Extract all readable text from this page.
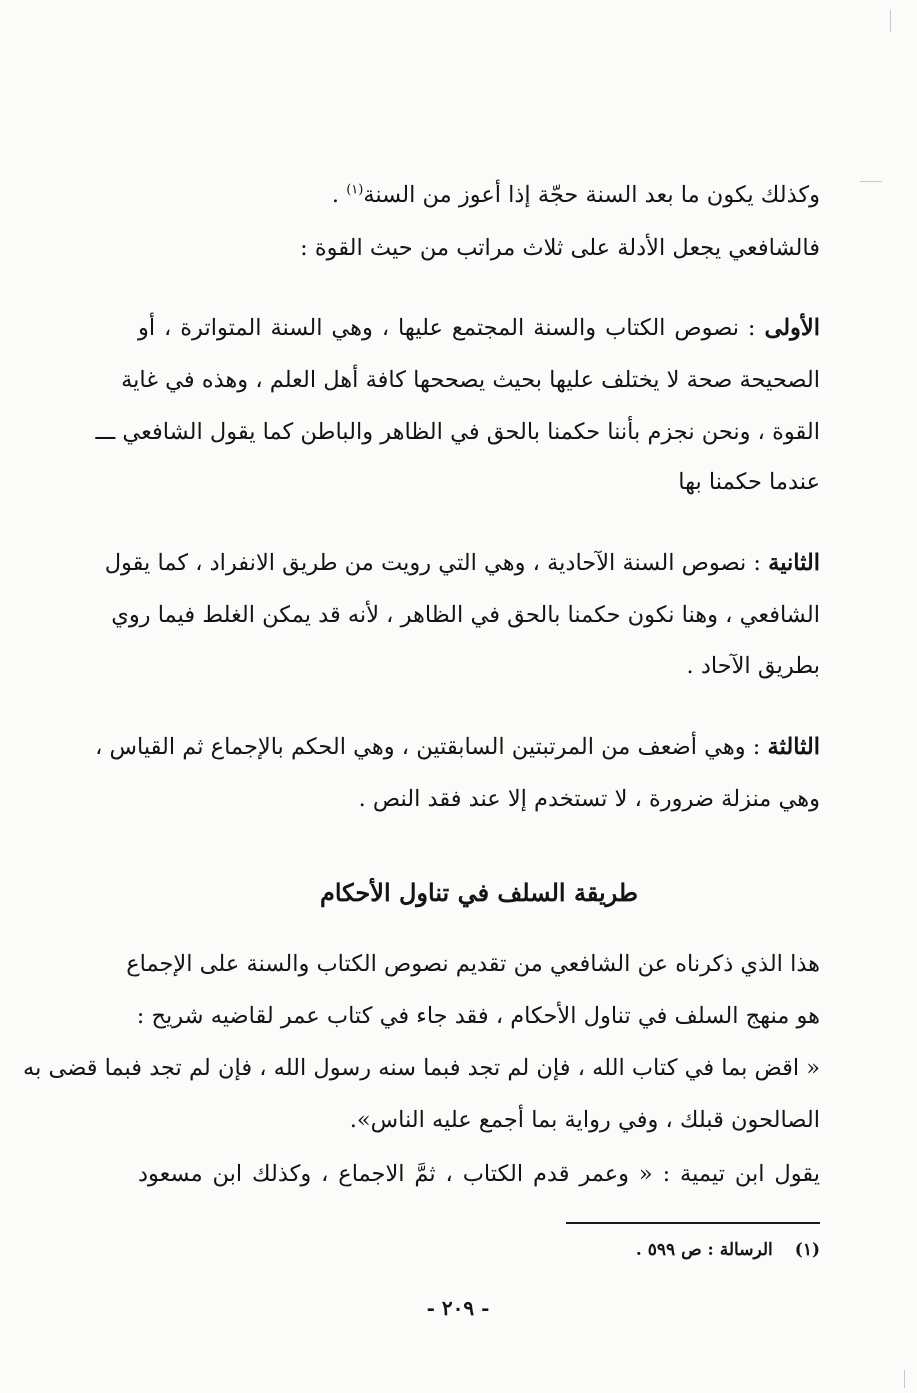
وكذلك يكون ما بعد السنة حجّة إذا أعوز من السنة$^{(١)}$ .
فالشافعي يجعل الأدلة على ثلاث مراتب من حيث القوة :
الأولى : نصوص الكتاب والسنة المجتمع عليها ، وهي السنة المتواترة ، أو
الصحيحة صحة لا يختلف عليها بحيث يصححها كافة أهل العلم ، وهذه في غاية
القوة ، ونحن نجزم بأننا حكمنا بالحق في الظاهر والباطن كما يقول الشافعي ـــ
عندما حكمنا بها
الثانية : نصوص السنة الآحادية ، وهي التي رويت من طريق الانفراد ، كما يقول
الشافعي ، وهنا نكون حكمنا بالحق في الظاهر ، لأنه قد يمكن الغلط فيما روي
بطريق الآحاد .
الثالثة : وهي أضعف من المرتبتين السابقتين ، وهي الحكم بالإجماع ثم القياس ،
وهي منزلة ضرورة ، لا تستخدم إلا عند فقد النص .
طريقة السلف في تناول الأحكام
هذا الذي ذكرناه عن الشافعي من تقديم نصوص الكتاب والسنة على الإجماع
هو منهج السلف في تناول الأحكام ، فقد جاء في كتاب عمر لقاضيه شريح :
« اقض بما في كتاب الله ، فإن لم تجد فبما سنه رسول الله ، فإن لم تجد فبما قضى به
الصالحون قبلك ، وفي رواية بما أجمع عليه الناس».
يقول ابن تيمية : « وعمر قدم الكتاب ، ثمَّ الاجماع ، وكذلك ابن مسعود
(١)الرسالة : ص ٥٩٩ .
- ٢٠٩ -
